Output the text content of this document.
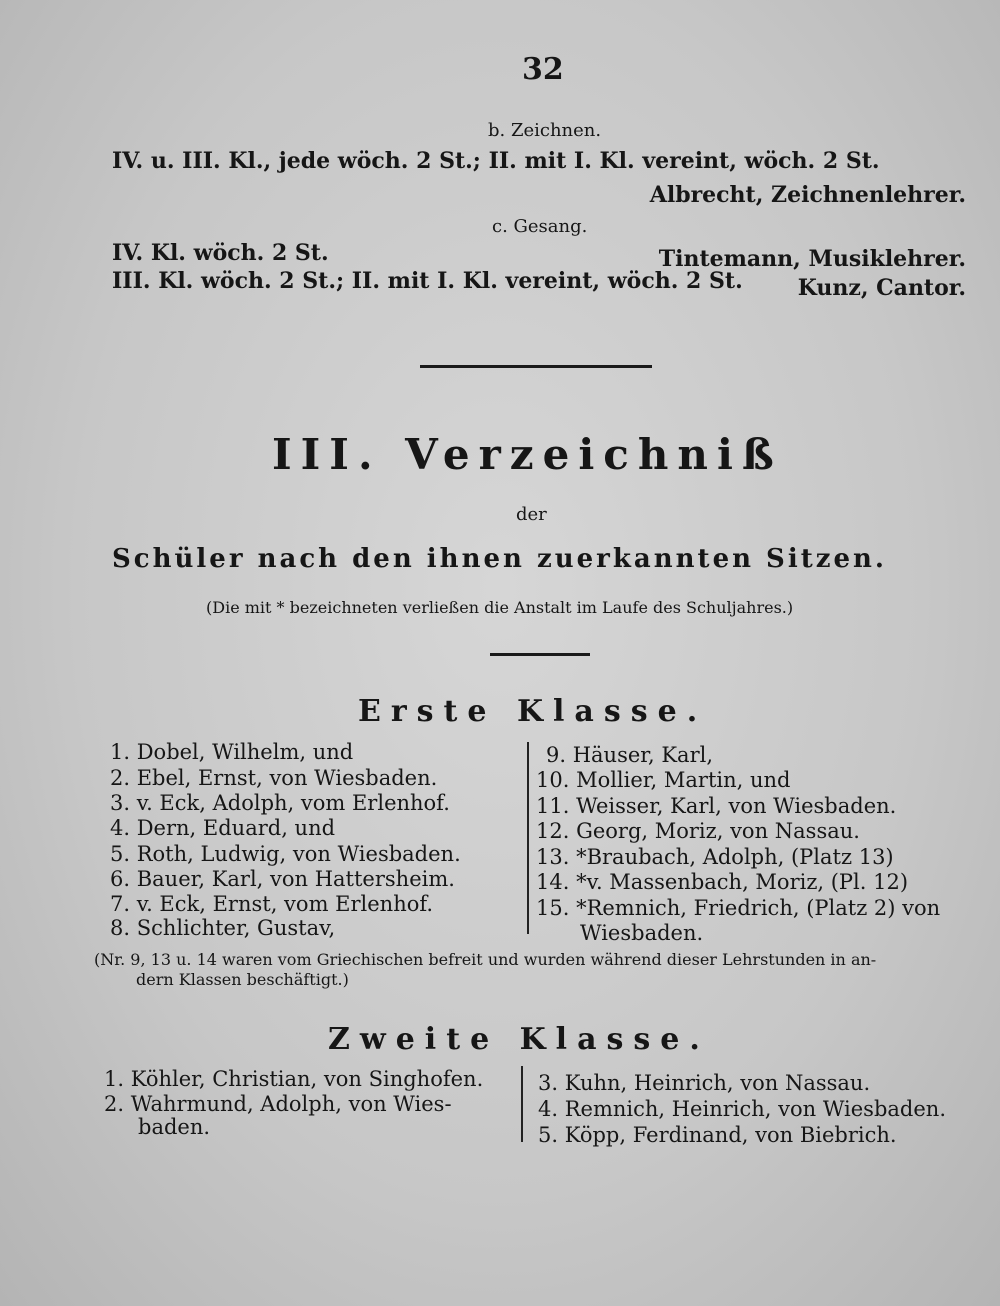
32
b. Zeichnen.
IV. u. III. Kl., jede wöch. 2 St.; II. mit I. Kl. vereint, wöch. 2 St.
Albrecht, Zeichnenlehrer.
c. Gesang.
IV. Kl. wöch. 2 St.	Tintemann, Musiklehrer.
III. Kl. wöch. 2 St.; II. mit I. Kl. vereint, wöch. 2 St.	Kunz, Cantor.
III. Verzeichniß
der
Schüler nach den ihnen zuerkannten Sitzen.
(Die mit * bezeichneten verließen die Anstalt im Laufe des Schuljahres.)
Erste Klasse.
1. Dobel, Wilhelm, und
2. Ebel, Ernst, von Wiesbaden.
3. v. Eck, Adolph, vom Erlenhof.
4. Dern, Eduard, und
5. Roth, Ludwig, von Wiesbaden.
6. Bauer, Karl, von Hattersheim.
7. v. Eck, Ernst, vom Erlenhof.
8. Schlichter, Gustav,
9. Häuser, Karl,
10. Mollier, Martin, und
11. Weisser, Karl, von Wiesbaden.
12. Georg, Moriz, von Nassau.
13. *Braubach, Adolph, (Platz 13)
14. *v. Massenbach, Moriz, (Pl. 12)
15. *Remnich, Friedrich, (Platz 2) von
Wiesbaden.
(Nr. 9, 13 u. 14 waren vom Griechischen befreit und wurden während dieser Lehrstunden in an-
dern Klassen beschäftigt.)
Zweite Klasse.
1. Köhler, Christian, von Singhofen.
2. Wahrmund, Adolph, von Wies-
baden.
3. Kuhn, Heinrich, von Nassau.
4. Remnich, Heinrich, von Wiesbaden.
5. Köpp, Ferdinand, von Biebrich.
